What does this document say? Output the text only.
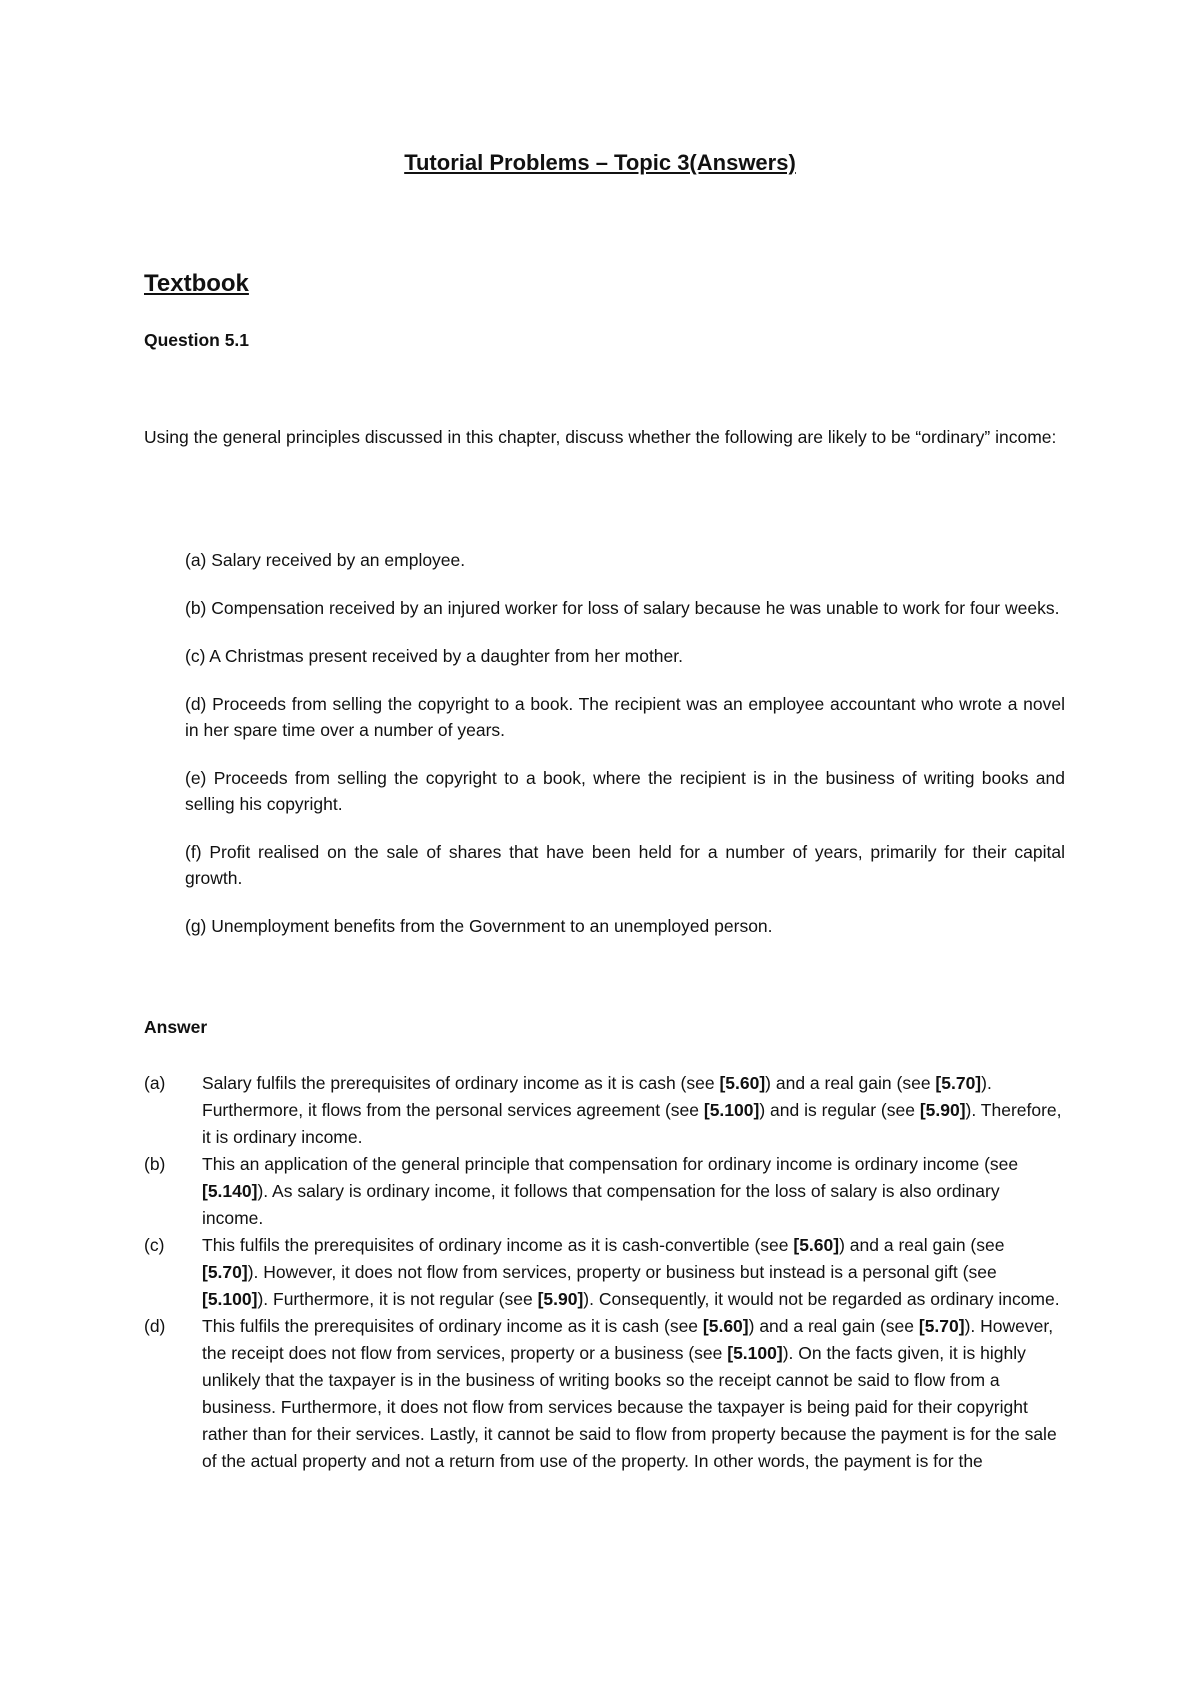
Tutorial Problems – Topic 3(Answers)
Textbook
Question 5.1
Using the general principles discussed in this chapter, discuss whether the following are likely to be “ordinary” income:
(a) Salary received by an employee.
(b) Compensation received by an injured worker for loss of salary because he was unable to work for four weeks.
(c) A Christmas present received by a daughter from her mother.
(d) Proceeds from selling the copyright to a book. The recipient was an employee accountant who wrote a novel in her spare time over a number of years.
(e) Proceeds from selling the copyright to a book, where the recipient is in the business of writing books and selling his copyright.
(f) Profit realised on the sale of shares that have been held for a number of years, primarily for their capital growth.
(g) Unemployment benefits from the Government to an unemployed person.
Answer
(a)	Salary fulfils the prerequisites of ordinary income as it is cash (see [5.60]) and a real gain (see [5.70]). Furthermore, it flows from the personal services agreement (see [5.100]) and is regular (see [5.90]). Therefore, it is ordinary income.
(b)	This an application of the general principle that compensation for ordinary income is ordinary income (see [5.140]). As salary is ordinary income, it follows that compensation for the loss of salary is also ordinary income.
(c)	This fulfils the prerequisites of ordinary income as it is cash-convertible (see [5.60]) and a real gain (see [5.70]). However, it does not flow from services, property or business but instead is a personal gift (see [5.100]). Furthermore, it is not regular (see [5.90]). Consequently, it would not be regarded as ordinary income.
(d)	This fulfils the prerequisites of ordinary income as it is cash (see [5.60]) and a real gain (see [5.70]). However, the receipt does not flow from services, property or a business (see [5.100]). On the facts given, it is highly unlikely that the taxpayer is in the business of writing books so the receipt cannot be said to flow from a business. Furthermore, it does not flow from services because the taxpayer is being paid for their copyright rather than for their services. Lastly, it cannot be said to flow from property because the payment is for the sale of the actual property and not a return from use of the property. In other words, the payment is for the
